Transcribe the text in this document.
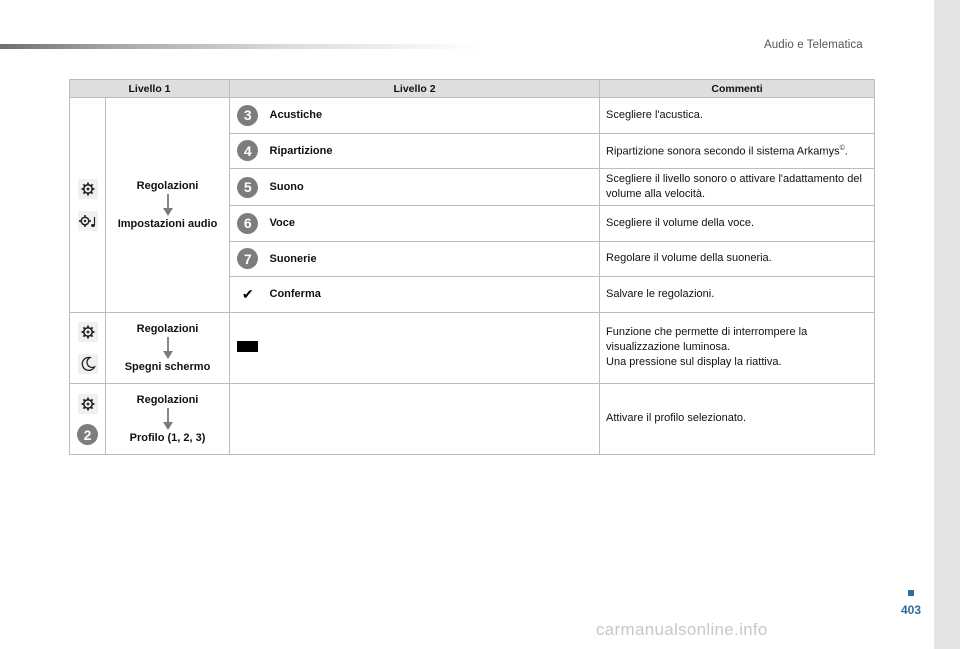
Audio e Telematica
Livello 1		Livello 2		Commenti

Regolazioni
Impostazioni audio	3	Acustiche	Scegliere l'acustica.
		4	Ripartizione	Ripartizione sonora secondo il sistema Arkamys©.
		5	Suono	Scegliere il livello sonoro o attivare l'adattamento del volume alla velocità.
		6	Voce	Scegliere il volume della voce.
		7	Suonerie	Regolare il volume della suoneria.
		✔	Conferma	Salvare le regolazioni.

Regolazioni
Spegni schermo			Funzione che permette di interrompere la visualizzazione luminosa.
Una pressione sul display la riattiva.

2	Regolazioni
Profilo (1, 2, 3)			Attivare il profilo selezionato.
403
carmanualsonline.info
